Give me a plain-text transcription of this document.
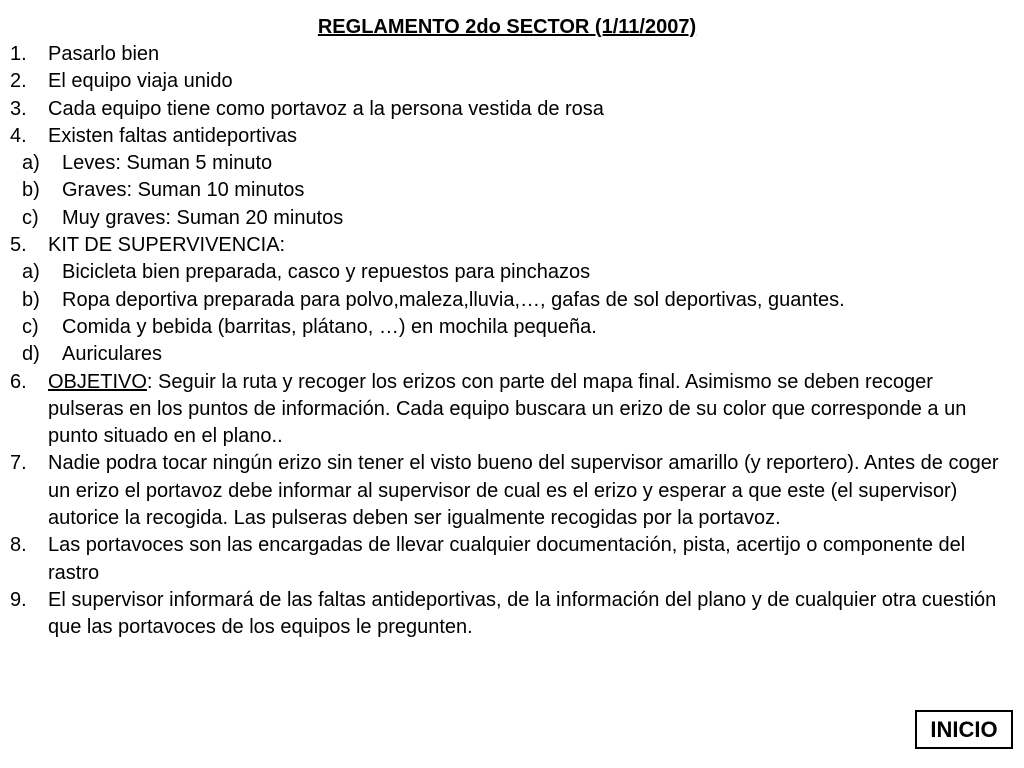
REGLAMENTO 2do SECTOR (1/11/2007)
1. Pasarlo bien
2. El equipo viaja unido
3. Cada equipo tiene como portavoz a la persona vestida de rosa
4. Existen faltas antideportivas
a) Leves: Suman 5 minuto
b) Graves: Suman 10 minutos
c) Muy graves: Suman 20 minutos
5. KIT DE SUPERVIVENCIA:
a) Bicicleta bien preparada, casco y repuestos para pinchazos
b) Ropa deportiva preparada para polvo,maleza,lluvia,…, gafas de sol deportivas, guantes.
c) Comida y bebida (barritas, plátano, …) en mochila pequeña.
d) Auriculares
6. OBJETIVO: Seguir la ruta y recoger los erizos con parte del mapa final. Asimismo se deben recoger pulseras en los puntos de información. Cada equipo buscara un erizo de su color que corresponde a un punto situado en el plano..
7. Nadie podra tocar ningún erizo sin tener el visto bueno del supervisor amarillo (y reportero). Antes de coger un erizo el portavoz debe informar al supervisor de cual es el erizo y esperar a que este (el supervisor) autorice la recogida. Las pulseras deben ser igualmente recogidas por la portavoz.
8. Las portavoces son las encargadas de llevar cualquier documentación, pista, acertijo o componente del rastro
9. El supervisor informará de las faltas antideportivas, de la información del plano y de cualquier otra cuestión que las portavoces de los equipos le pregunten.
INICIO
